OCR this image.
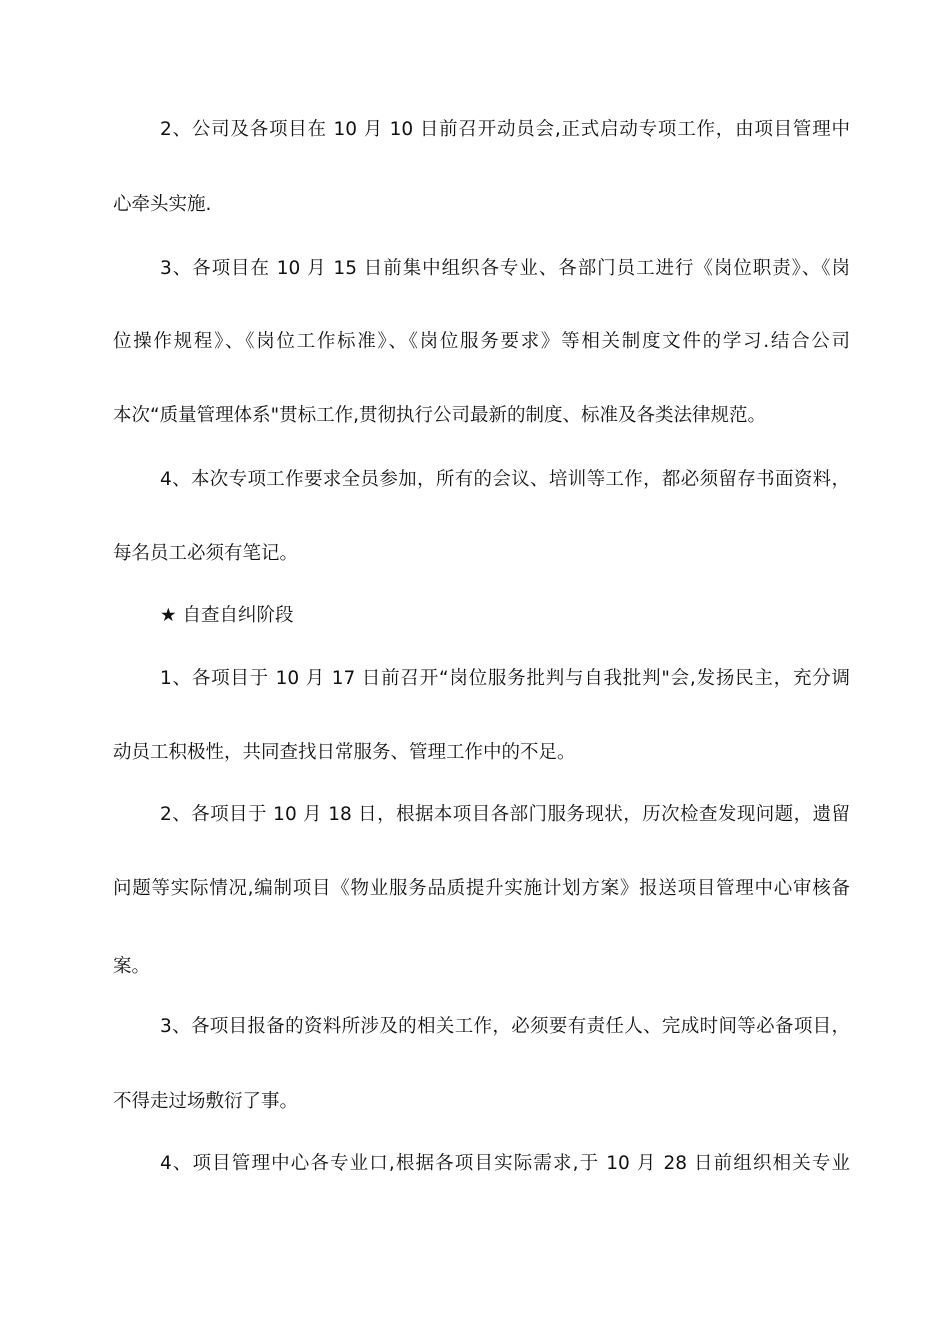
2、公司及各项目在 10 月 10 日前召开动员会,正式启动专项工作，由项目管理中
心牵头实施.
3、各项目在 10 月 15 日前集中组织各专业、各部门员工进行《岗位职责》、《岗
位操作规程》、《岗位工作标准》、《岗位服务要求》等相关制度文件的学习.结合公司
本次“质量管理体系"贯标工作,贯彻执行公司最新的制度、标准及各类法律规范。
4、本次专项工作要求全员参加，所有的会议、培训等工作，都必须留存书面资料，
每名员工必须有笔记。
★ 自查自纠阶段
1、各项目于 10 月 17 日前召开“岗位服务批判与自我批判"会,发扬民主，充分调
动员工积极性，共同查找日常服务、管理工作中的不足。
2、各项目于 10 月 18 日，根据本项目各部门服务现状，历次检查发现问题，遗留
问题等实际情况,编制项目《物业服务品质提升实施计划方案》报送项目管理中心审核备
案。
3、各项目报备的资料所涉及的相关工作，必须要有责任人、完成时间等必备项目，
不得走过场敷衍了事。
4、项目管理中心各专业口,根据各项目实际需求,于 10 月 28 日前组织相关专业
